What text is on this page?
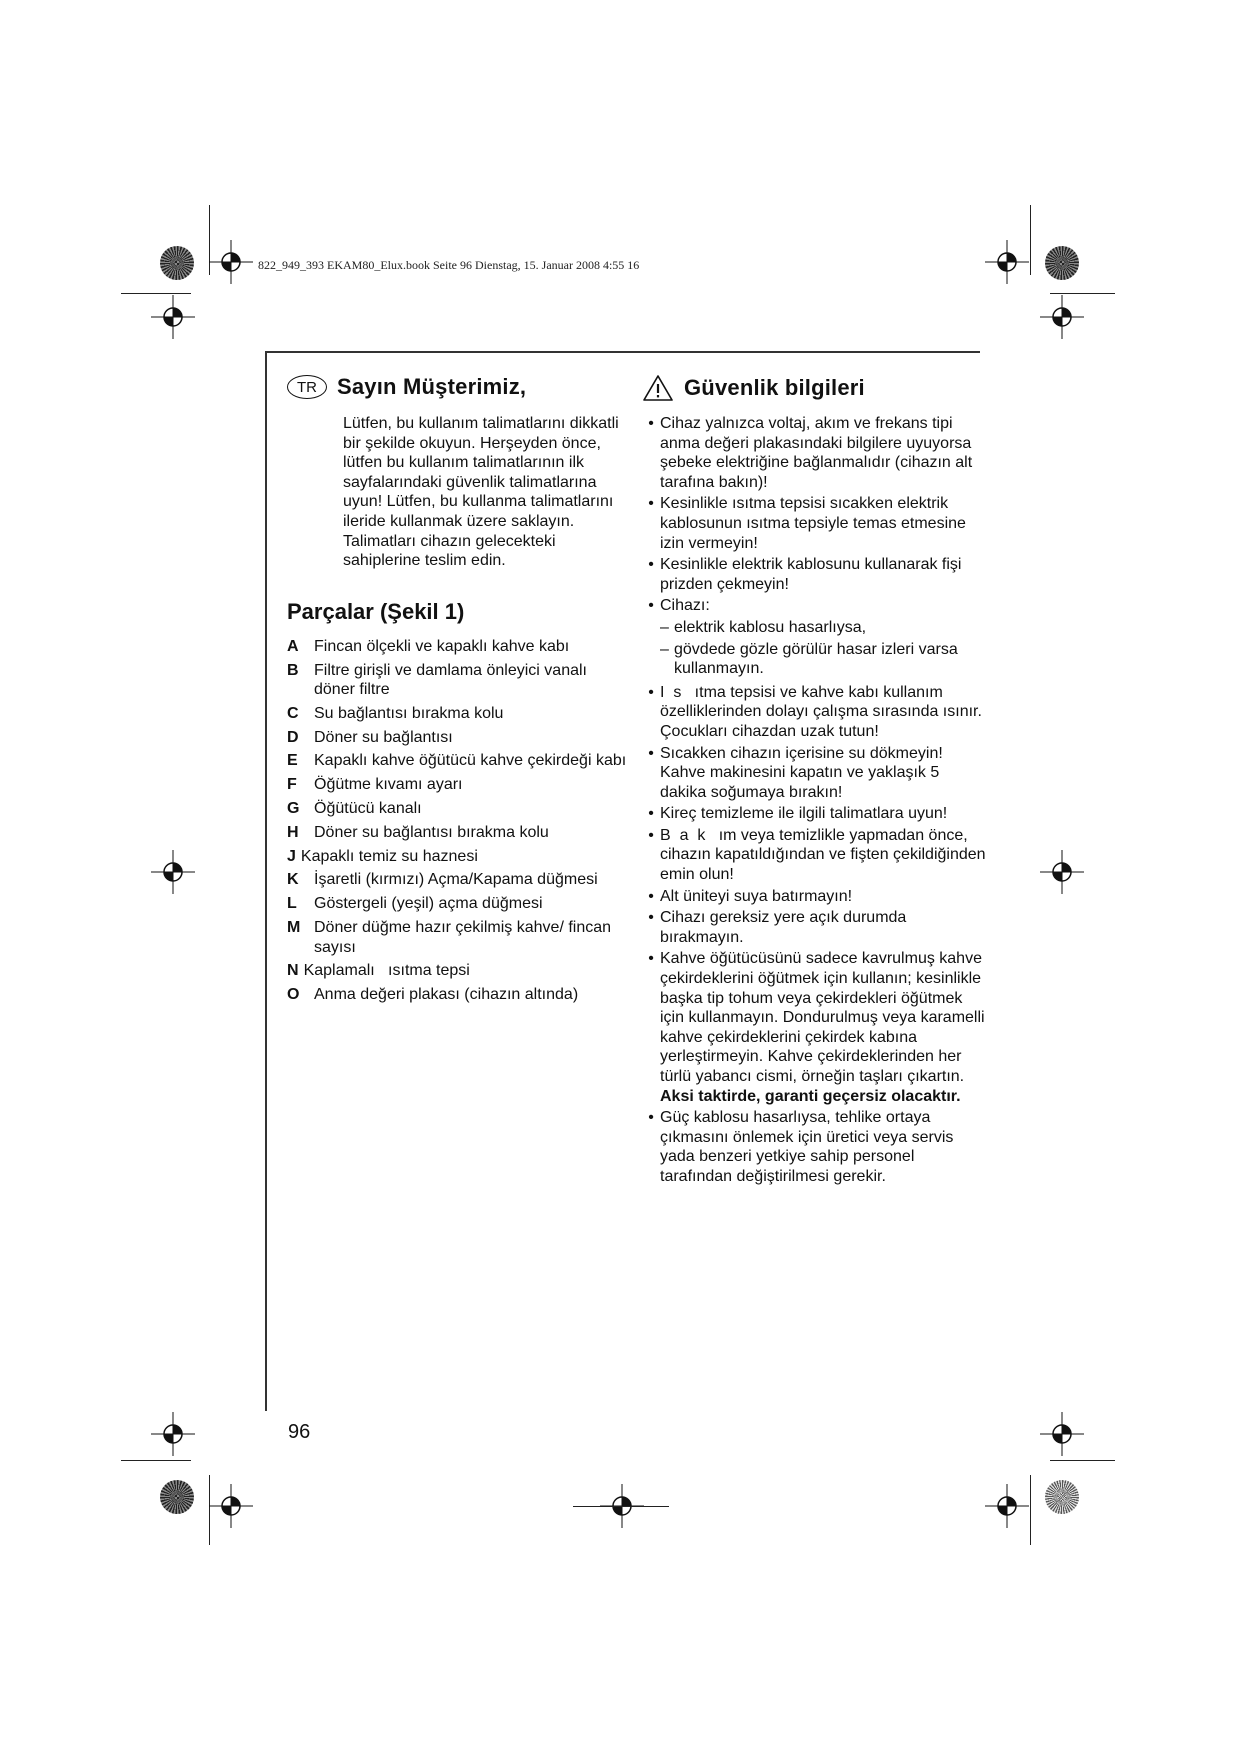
822_949_393 EKAM80_Elux.book Seite 96 Dienstag, 15. Januar 2008 4:55 16
TR Sayın Müşterimiz,

Lütfen, bu kullanım talimatlarını dikkatli bir şekilde okuyun. Herşeyden önce, lütfen bu kullanım talimatlarının ilk sayfalarındaki güvenlik talimatlarına uyun! Lütfen, bu kullanma talimatlarını ileride kullanmak üzere saklayın. Talimatları cihazın gelecekteki sahiplerine teslim edin.

Parçalar (Şekil 1)
A Fincan ölçekli ve kapaklı kahve kabı
B Filtre girişli ve damlama önleyici vanalı döner filtre
C Su bağlantısı bırakma kolu
D Döner su bağlantısı
E	Kapaklı kahve öğütücü kahve çekirdeği kabı
F	Öğütme kıvamı ayarı
G Öğütücü kanalı
H Döner su bağlantısı bırakma kolu
J Kapaklı temiz su haznesi
K İşaretli (kırmızı) Açma/Kapama düğmesi
L	Göstergeli (yeşil) açma düğmesi
M Döner düğme hazır çekilmiş kahve/ fincan sayısı
N Kaplamalı   ısıtma tepsi
O Anma değeri plakası (cihazın altında)
Güvenlik bilgileri
• Cihaz yalnızca voltaj, akım ve frekans tipi anma değeri plakasındaki bilgilere uyuyorsa şebeke elektriğine bağlanmalıdır (cihazın alt tarafına bakın)!
• Kesinlikle ısıtma tepsisi sıcakken elektrik kablosunun ısıtma tepsiyle temas etmesine izin vermeyin!
• Kesinlikle elektrik kablosunu kullanarak fişi prizden çekmeyin!
• Cihazı:
– elektrik kablosu hasarlıysa,
– gövdede gözle görülür hasar izleri varsa kullanmayın.
• I  s   ıtma tepsisi ve kahve kabı kullanım özelliklerinden dolayı çalışma sırasında ısınır. Çocukları cihazdan uzak tutun!
• Sıcakken cihazın içerisine su dökmeyin! Kahve makinesini kapatın ve yaklaşık 5 dakika soğumaya bırakın!
• Kireç temizleme ile ilgili talimatlara uyun!
• B  a  k   ım veya temizlikle yapmadan önce, cihazın kapatıldığından ve fişten çekildiğinden emin olun!
• Alt üniteyi suya batırmayın!
• Cihazı gereksiz yere açık durumda bırakmayın.
• Kahve öğütücüsünü sadece kavrulmuş kahve çekirdeklerini öğütmek için kullanın; kesinlikle başka tip tohum veya çekirdekleri öğütmek için kullanmayın. Dondurulmuş veya karamelli kahve çekirdeklerini çekirdek kabına yerleştirmeyin. Kahve çekirdeklerinden her türlü yabancı cismi, örneğin taşları çıkartın. Aksi taktirde, garanti geçersiz olacaktır.
• Güç kablosu hasarlıysa, tehlike ortaya çıkmasını önlemek için üretici veya servis yada benzeri yetkiye sahip personel tarafından değiştirilmesi gerekir.
96
